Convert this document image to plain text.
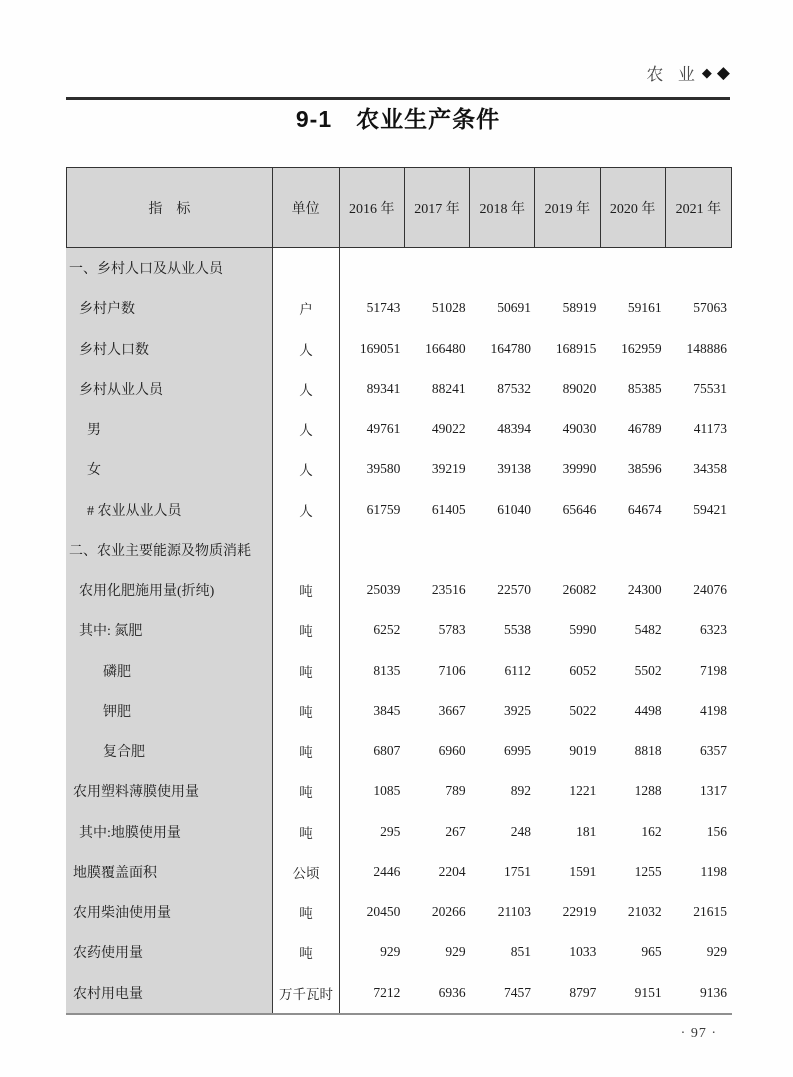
农  业 ◆ ◆
9-1　农业生产条件
指　标	单位	2016 年	2017 年	2018 年	2019 年	2020 年	2021 年
一、乡村人口及从业人员
乡村户数	户	51743	51028	50691	58919	59161	57063
乡村人口数	人	169051	166480	164780	168915	162959	148886
乡村从业人员	人	89341	88241	87532	89020	85385	75531
男	人	49761	49022	48394	49030	46789	41173
女	人	39580	39219	39138	39990	38596	34358
# 农业从业人员	人	61759	61405	61040	65646	64674	59421
二、农业主要能源及物质消耗
农用化肥施用量(折纯)	吨	25039	23516	22570	26082	24300	24076
其中: 氮肥	吨	6252	5783	5538	5990	5482	6323
磷肥	吨	8135	7106	6112	6052	5502	7198
钾肥	吨	3845	3667	3925	5022	4498	4198
复合肥	吨	6807	6960	6995	9019	8818	6357
农用塑料薄膜使用量	吨	1085	789	892	1221	1288	1317
其中:地膜使用量	吨	295	267	248	181	162	156
地膜覆盖面积	公顷	2446	2204	1751	1591	1255	1198
农用柴油使用量	吨	20450	20266	21103	22919	21032	21615
农药使用量	吨	929	929	851	1033	965	929
农村用电量	万千瓦时	7212	6936	7457	8797	9151	9136
· 97 ·
